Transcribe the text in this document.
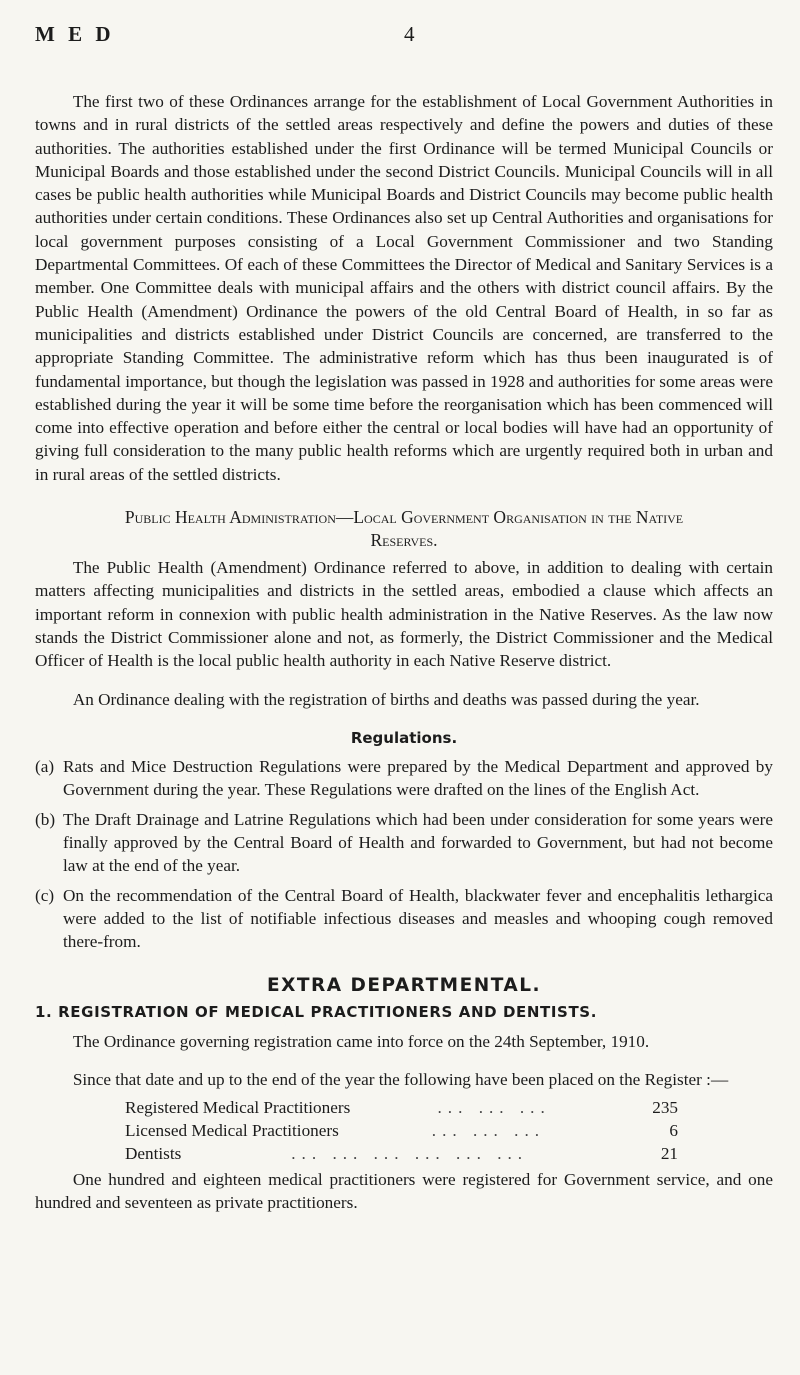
M E D	4

The first two of these Ordinances arrange for the establishment of Local Government Authorities in towns and in rural districts of the settled areas respectively and define the powers and duties of these authorities. The authorities established under the first Ordinance will be termed Municipal Councils or Municipal Boards and those established under the second District Councils. Municipal Councils will in all cases be public health authorities while Municipal Boards and District Councils may become public health authorities under certain conditions. These Ordinances also set up Central Authorities and organisations for local government purposes consisting of a Local Government Commissioner and two Standing Departmental Committees. Of each of these Committees the Director of Medical and Sanitary Services is a member. One Committee deals with municipal affairs and the others with district council affairs. By the Public Health (Amendment) Ordinance the powers of the old Central Board of Health, in so far as municipalities and districts established under District Councils are concerned, are transferred to the appropriate Standing Committee. The administrative reform which has thus been inaugurated is of fundamental importance, but though the legislation was passed in 1928 and authorities for some areas were established during the year it will be some time before the reorganisation which has been commenced will come into effective operation and before either the central or local bodies will have had an opportunity of giving full consideration to the many public health reforms which are urgently required both in urban and in rural areas of the settled districts.

Public Health Administration—Local Government Organisation in the Native Reserves.

The Public Health (Amendment) Ordinance referred to above, in addition to dealing with certain matters affecting municipalities and districts in the settled areas, embodied a clause which affects an important reform in connexion with public health administration in the Native Reserves. As the law now stands the District Commissioner alone and not, as formerly, the District Commissioner and the Medical Officer of Health is the local public health authority in each Native Reserve district.

An Ordinance dealing with the registration of births and deaths was passed during the year.

Regulations.
(a) Rats and Mice Destruction Regulations were prepared by the Medical Department and approved by Government during the year. These Regulations were drafted on the lines of the English Act.
(b) The Draft Drainage and Latrine Regulations which had been under consideration for some years were finally approved by the Central Board of Health and forwarded to Government, but had not become law at the end of the year.
(c) On the recommendation of the Central Board of Health, blackwater fever and encephalitis lethargica were added to the list of notifiable infectious diseases and measles and whooping cough removed there-from.
EXTRA DEPARTMENTAL.
1. REGISTRATION OF MEDICAL PRACTITIONERS AND DENTISTS.

The Ordinance governing registration came into force on the 24th September, 1910.

Since that date and up to the end of the year the following have been placed on the Register :—

Registered Medical Practitioners	... ... ...	235
Licensed Medical Practitioners	... ... ...	6
Dentists	... ... ... ... ... ...	21

One hundred and eighteen medical practitioners were registered for Government service, and one hundred and seventeen as private practitioners.
